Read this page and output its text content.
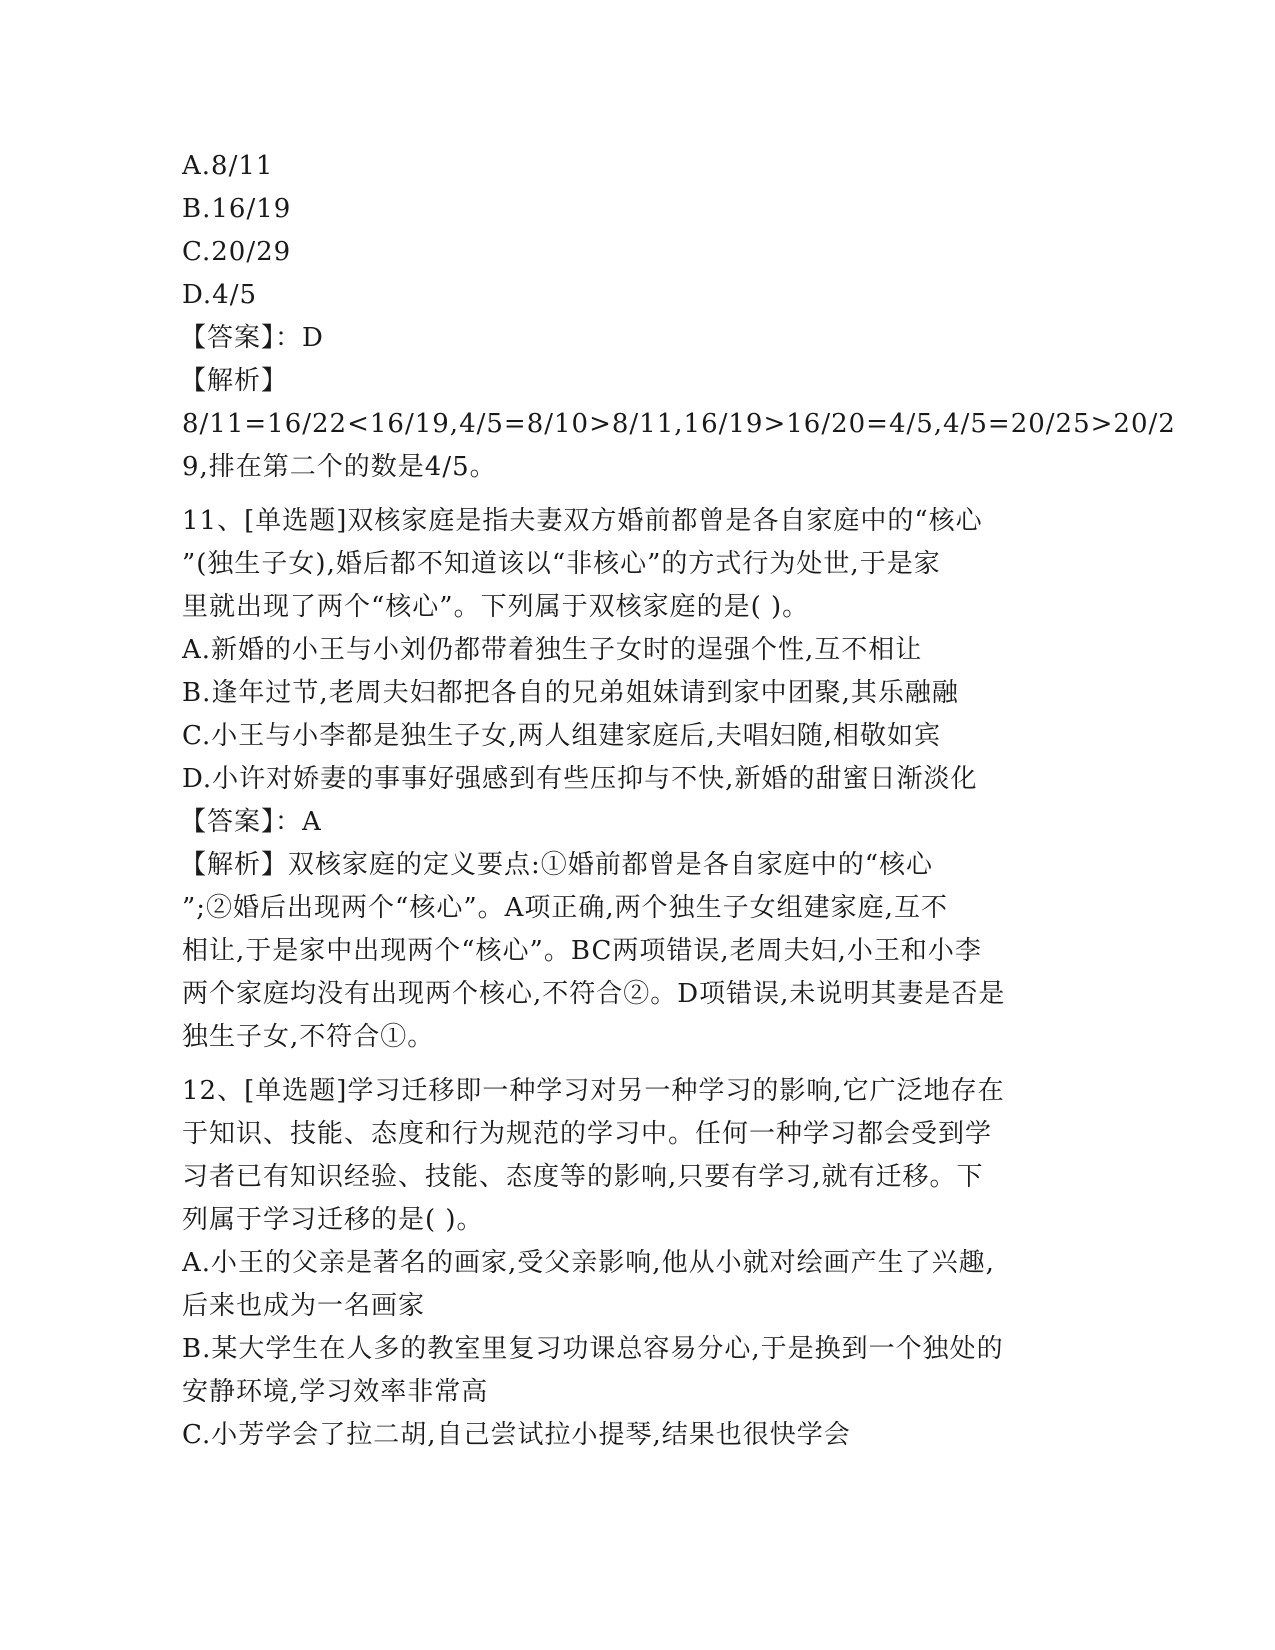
A.8/11
B.16/19
C.20/29
D.4/5
【答案】：D
【解析】
8/11=16/22<16/19,4/5=8/10>8/11,16/19>16/20=4/5,4/5=20/25>20/2
9,排在第二个的数是4/5。
11、[单选题]双核家庭是指夫妻双方婚前都曾是各自家庭中的“核心
”(独生子女),婚后都不知道该以“非核心”的方式行为处世,于是家
里就出现了两个“核心”。下列属于双核家庭的是( )。
A.新婚的小王与小刘仍都带着独生子女时的逞强个性,互不相让
B.逢年过节,老周夫妇都把各自的兄弟姐妹请到家中团聚,其乐融融
C.小王与小李都是独生子女,两人组建家庭后,夫唱妇随,相敬如宾
D.小许对娇妻的事事好强感到有些压抑与不快,新婚的甜蜜日渐淡化
【答案】：A
【解析】双核家庭的定义要点:①婚前都曾是各自家庭中的“核心
”;②婚后出现两个“核心”。A项正确,两个独生子女组建家庭,互不
相让,于是家中出现两个“核心”。BC两项错误,老周夫妇,小王和小李
两个家庭均没有出现两个核心,不符合②。D项错误,未说明其妻是否是
独生子女,不符合①。
12、[单选题]学习迁移即一种学习对另一种学习的影响,它广泛地存在
于知识、技能、态度和行为规范的学习中。任何一种学习都会受到学
习者已有知识经验、技能、态度等的影响,只要有学习,就有迁移。下
列属于学习迁移的是( )。
A.小王的父亲是著名的画家,受父亲影响,他从小就对绘画产生了兴趣,
后来也成为一名画家
B.某大学生在人多的教室里复习功课总容易分心,于是换到一个独处的
安静环境,学习效率非常高
C.小芳学会了拉二胡,自己尝试拉小提琴,结果也很快学会
